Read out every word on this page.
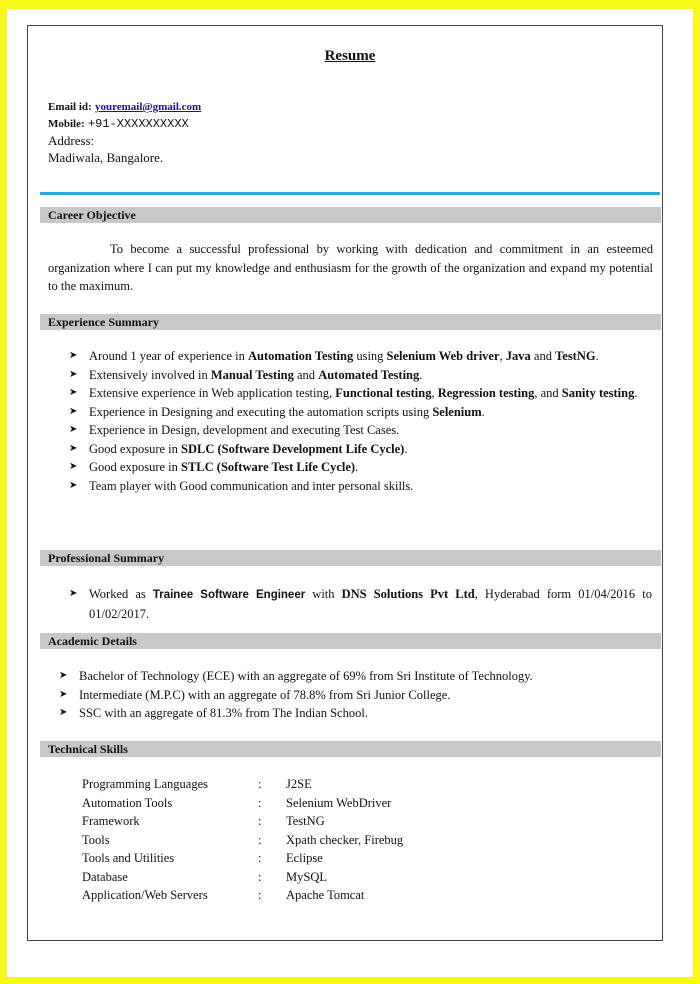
Resume
Email id: youremail@gmail.com
Mobile: +91-XXXXXXXXXX
Address:
Madiwala, Bangalore.
Career Objective
To become a successful professional by working with dedication and commitment in an esteemed organization where I can put my knowledge and enthusiasm for the growth of the organization and expand my potential to the maximum.
Experience Summary
➤ Around 1 year of experience in Automation Testing using Selenium Web driver, Java and TestNG.
➤ Extensively involved in Manual Testing and Automated Testing.
➤ Extensive experience in Web application testing, Functional testing, Regression testing, and Sanity testing.
➤ Experience in Designing and executing the automation scripts using Selenium.
➤ Experience in Design, development and executing Test Cases.
➤ Good exposure in SDLC (Software Development Life Cycle).
➤ Good exposure in STLC (Software Test Life Cycle).
➤ Team player with Good communication and inter personal skills.
Professional Summary
➤ Worked as Trainee Software Engineer with DNS Solutions Pvt Ltd, Hyderabad form 01/04/2016 to 01/02/2017.
Academic Details
➤ Bachelor of Technology (ECE) with an aggregate of 69% from Sri Institute of Technology.
➤ Intermediate (M.P.C) with an aggregate of 78.8% from Sri Junior College.
➤ SSC with an aggregate of 81.3% from The Indian School.
Technical Skills
Programming Languages	:	J2SE
Automation Tools	:	Selenium WebDriver
Framework	:	TestNG
Tools	:	Xpath checker, Firebug
Tools and Utilities	:	Eclipse
Database	:	MySQL
Application/Web Servers	:	Apache Tomcat
